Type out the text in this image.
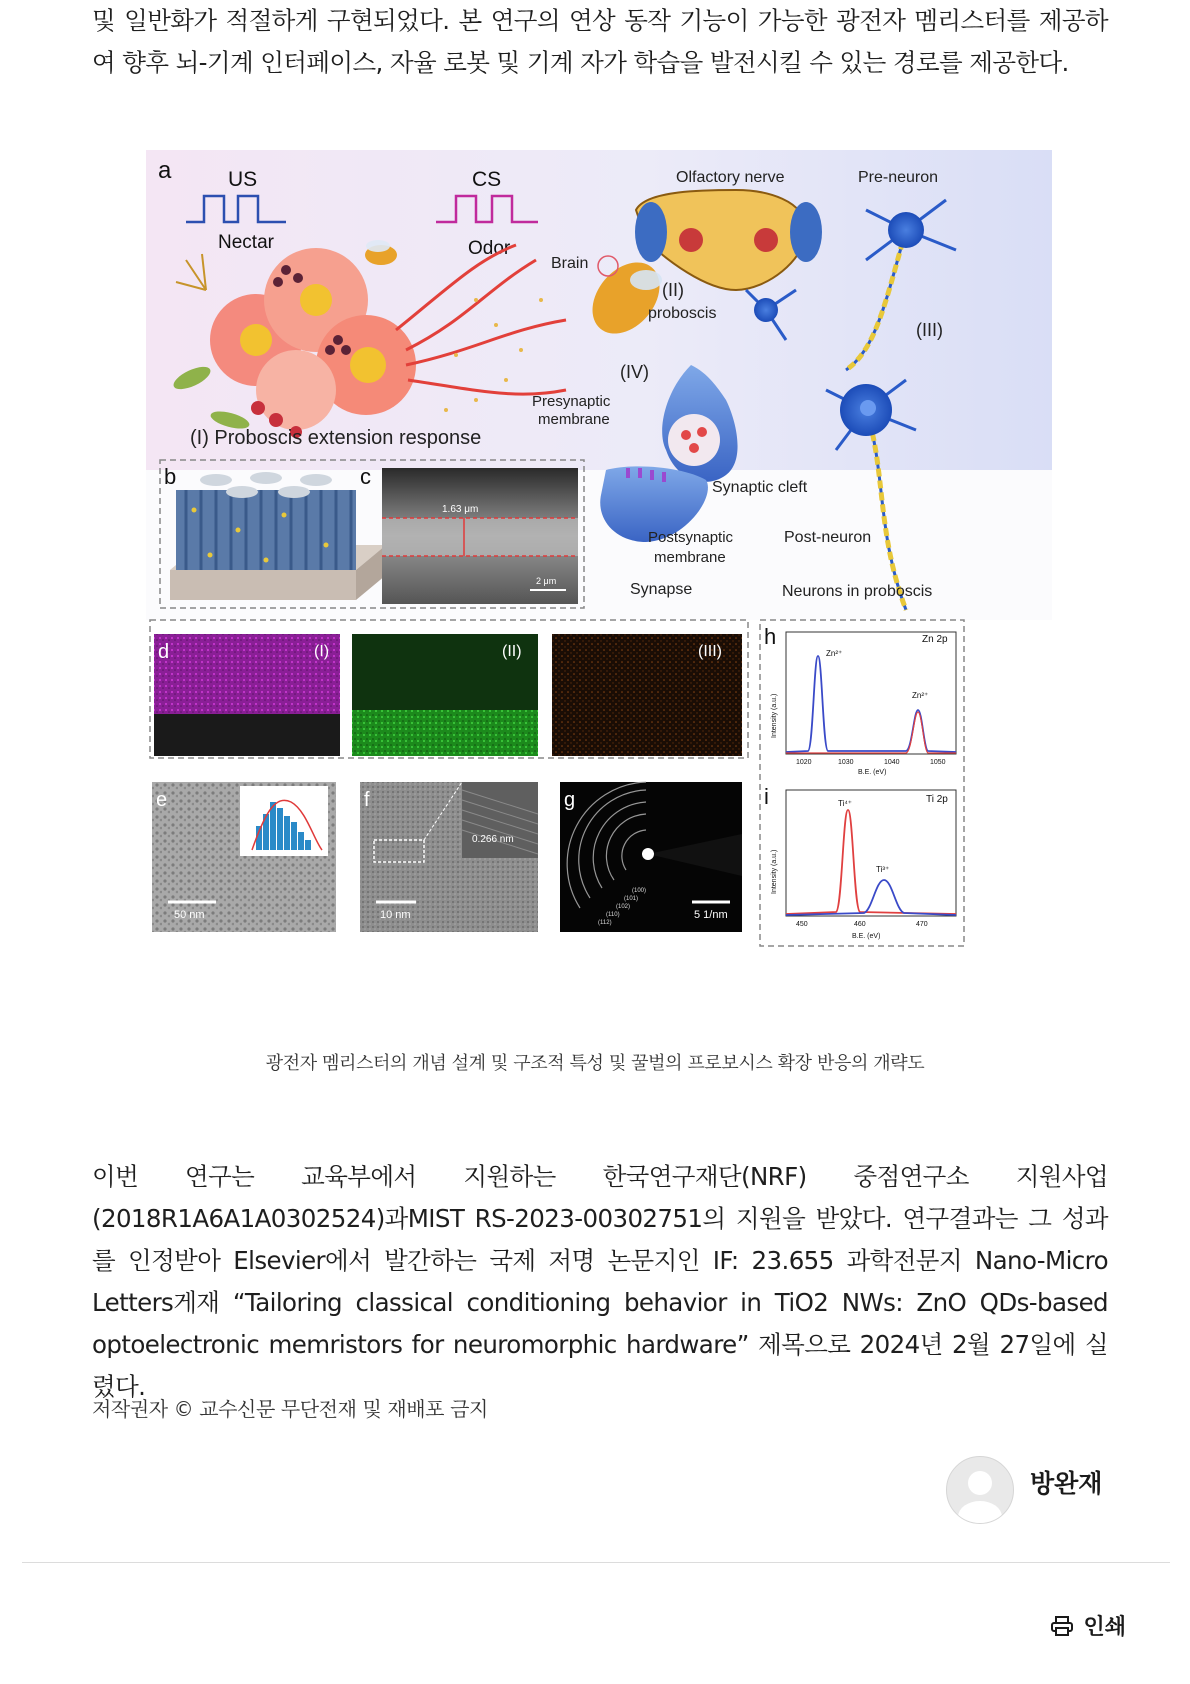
및 일반화가 적절하게 구현되었다. 본 연구의 연상 동작 기능이 가능한 광전자 멤리스터를 제공하여 향후 뇌-기계 인터페이스, 자율 로봇 및 기계 자가 학습을 발전시킬 수 있는 경로를 제공한다.

a	US
Nectar
CS
Odor
(I) Proboscis extension response
Brain
Olfactory nerve	Pre-neuron
(II)
proboscis
(III)
(IV)
Presynaptic
membrane
Synaptic cleft
Postsynaptic
membrane
Post-neuron
Synapse	Neurons in proboscis
b	c
1.63 μm
2 μm
d	(I)	(II)	(III)
e
50 nm
f
0.266 nm
10 nm
g
(100)
(101)
(102)
(110)
(112)
5 1/nm
h	Zn 2p
Intensity (a.u.)
Zn²⁺
Zn²⁺
1020	1030	1040	1050
B.E. (eV)
i	Ti 2p
Intensity (a.u.)
Ti⁴⁺
Ti³⁺
450	460	470
B.E. (eV)
광전자 멤리스터의 개념 설계 및 구조적 특성 및 꿀벌의 프로보시스 확장 반응의 개략도

이번 연구는 교육부에서 지원하는 한국연구재단(NRF) 중점연구소 지원사업(2018R1A6A1A0302524)과MIST RS-2023-00302751의 지원을 받았다. 연구결과는 그 성과를 인정받아 Elsevier에서 발간하는 국제 저명 논문지인 IF: 23.655 과학전문지 Nano-Micro Letters게재 “Tailoring classical conditioning behavior in TiO2 NWs: ZnO QDs-based optoelectronic memristors for neuromorphic hardware” 제목으로 2024년 2월 27일에 실렸다.

저작권자 © 교수신문 무단전재 및 재배포 금지
방완재
인쇄
